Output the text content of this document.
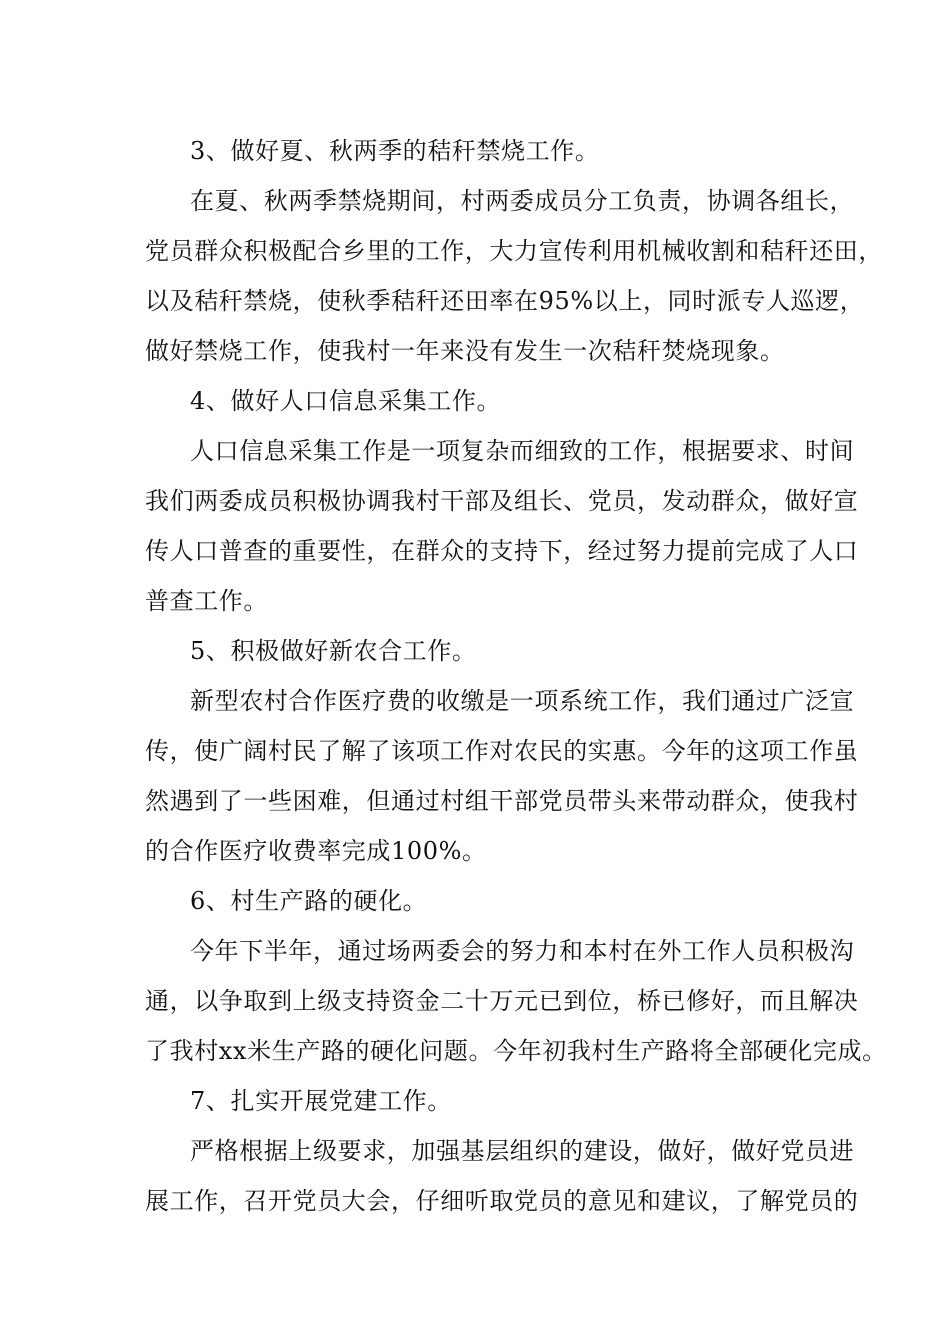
3、做好夏、秋两季的秸秆禁烧工作。
在夏、秋两季禁烧期间，村两委成员分工负责，协调各组长，
党员群众积极配合乡里的工作，大力宣传利用机械收割和秸秆还田，
以及秸秆禁烧，使秋季秸秆还田率在95%以上，同时派专人巡逻，
做好禁烧工作，使我村一年来没有发生一次秸秆焚烧现象。
4、做好人口信息采集工作。
人口信息采集工作是一项复杂而细致的工作，根据要求、时间
我们两委成员积极协调我村干部及组长、党员，发动群众，做好宣
传人口普查的重要性，在群众的支持下，经过努力提前完成了人口
普查工作。
5、积极做好新农合工作。
新型农村合作医疗费的收缴是一项系统工作，我们通过广泛宣
传，使广阔村民了解了该项工作对农民的实惠。今年的这项工作虽
然遇到了一些困难，但通过村组干部党员带头来带动群众，使我村
的合作医疗收费率完成100%。
6、村生产路的硬化。
今年下半年，通过场两委会的努力和本村在外工作人员积极沟
通，以争取到上级支持资金二十万元已到位，桥已修好，而且解决
了我村xx米生产路的硬化问题。今年初我村生产路将全部硬化完成。
7、扎实开展党建工作。
严格根据上级要求，加强基层组织的建设，做好，做好党员进
展工作，召开党员大会，仔细听取党员的意见和建议，了解党员的
